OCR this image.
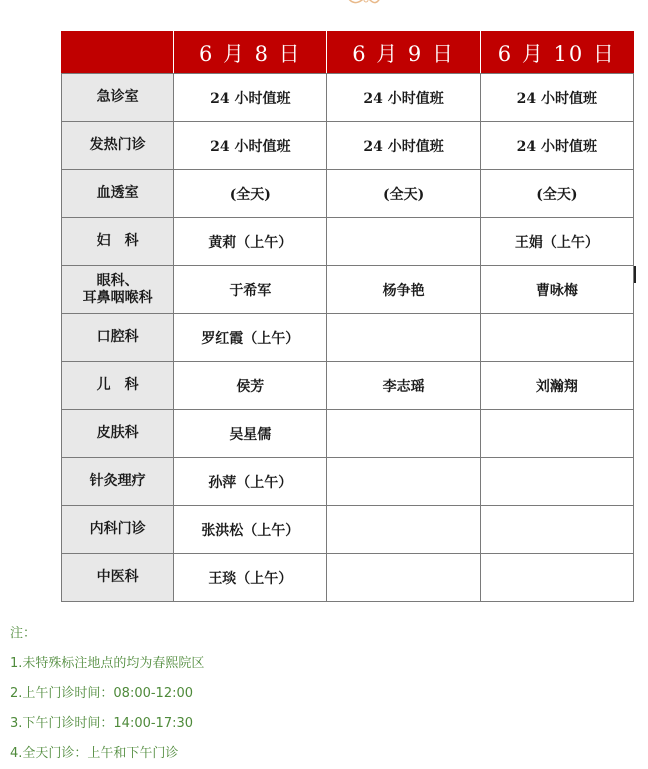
	6 月 8 日	6 月 9 日	6 月 10 日
急诊室	24 小时值班	24 小时值班	24 小时值班
发热门诊	24 小时值班	24 小时值班	24 小时值班
血透室	(全天)	(全天)	(全天)
妇　科	黄莉（上午）		王娟（上午）
眼科、
耳鼻咽喉科	于希军	杨争艳	曹咏梅
口腔科	罗红霞（上午）		
儿　科	侯芳	李志瑶	刘瀚翔
皮肤科	吴星儒		
针灸理疗	孙萍（上午）		
内科门诊	张洪松（上午）		
中医科	王琰（上午）		
注：
1.未特殊标注地点的均为春熙院区
2.上午门诊时间：08:00-12:00
3.下午门诊时间：14:00-17:30
4.全天门诊：上午和下午门诊
